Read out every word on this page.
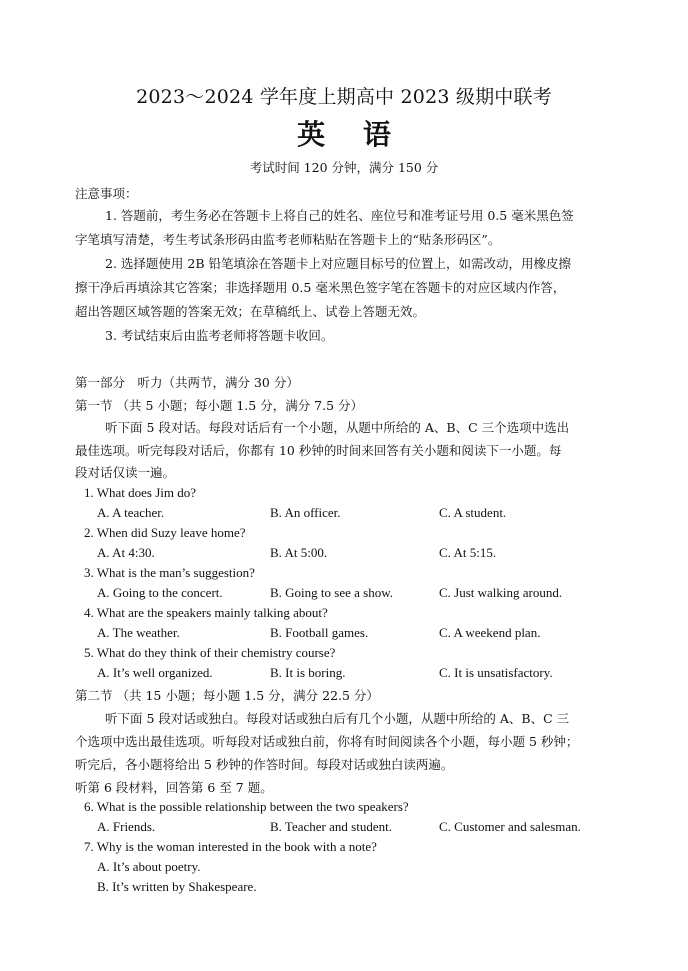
2023～2024 学年度上期高中 2023 级期中联考
英 语
考试时间 120 分钟，满分 150 分
注意事项：
1. 答题前，考生务必在答题卡上将自己的姓名、座位号和准考证号用 0.5 毫米黑色签
字笔填写清楚，考生考试条形码由监考老师粘贴在答题卡上的“贴条形码区”。
2. 选择题使用 2B 铅笔填涂在答题卡上对应题目标号的位置上，如需改动，用橡皮擦
擦干净后再填涂其它答案；非选择题用 0.5 毫米黑色签字笔在答题卡的对应区域内作答，
超出答题区域答题的答案无效；在草稿纸上、试卷上答题无效。
3. 考试结束后由监考老师将答题卡收回。
第一部分　听力（共两节，满分 30 分）
第一节 （共 5 小题；每小题 1.5 分，满分 7.5 分）
听下面 5 段对话。每段对话后有一个小题，从题中所给的 A、B、C 三个选项中选出
最佳选项。听完每段对话后，你都有 10 秒钟的时间来回答有关小题和阅读下一小题。每
段对话仅读一遍。
1. What does Jim do?
A. A teacher.	B. An officer.	C. A student.
2. When did Suzy leave home?
A. At 4:30.	B. At 5:00.	C. At 5:15.
3. What is the man’s suggestion?
A. Going to the concert.	B. Going to see a show.	C. Just walking around.
4. What are the speakers mainly talking about?
A. The weather.	B. Football games.	C. A weekend plan.
5. What do they think of their chemistry course?
A. It’s well organized.	B. It is boring.	C. It is unsatisfactory.
第二节 （共 15 小题；每小题 1.5 分，满分 22.5 分）
听下面 5 段对话或独白。每段对话或独白后有几个小题，从题中所给的 A、B、C 三
个选项中选出最佳选项。听每段对话或独白前，你将有时间阅读各个小题，每小题 5 秒钟；
听完后，各小题将给出 5 秒钟的作答时间。每段对话或独白读两遍。
听第 6 段材料，回答第 6 至 7 题。
6. What is the possible relationship between the two speakers?
A. Friends.	B. Teacher and student.	C. Customer and salesman.
7. Why is the woman interested in the book with a note?
A. It’s about poetry.
B. It’s written by Shakespeare.
